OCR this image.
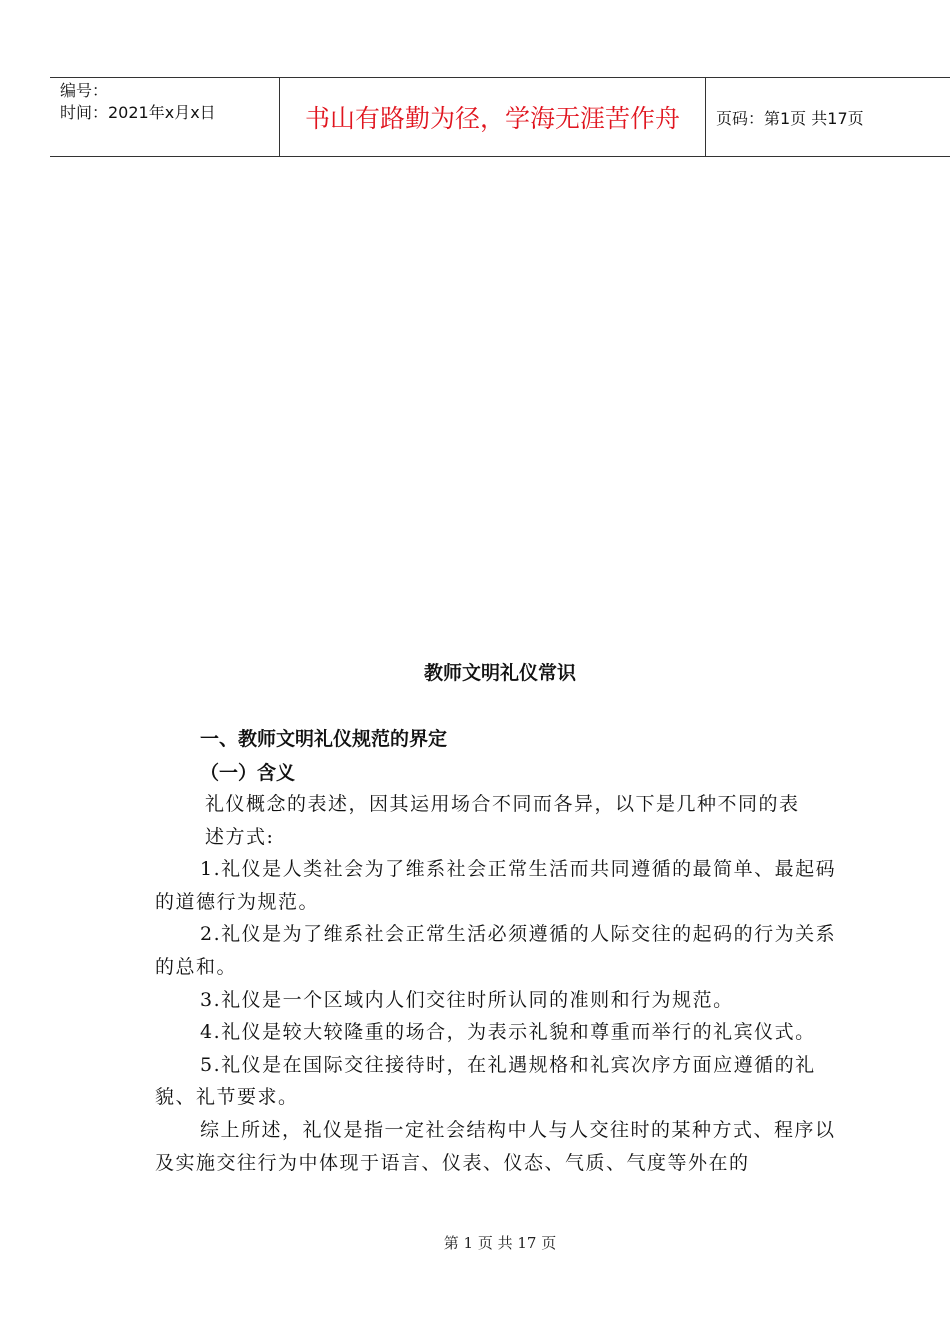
编号：
时间：2021年x月x日	书山有路勤为径，学海无涯苦作舟 页码：第1页 共17页
教师文明礼仪常识
一、教师文明礼仪规范的界定
（一）含义

礼仪概念的表述，因其运用场合不同而各异，以下是几种不同的表

述方式:

1.礼仪是人类社会为了维系社会正常生活而共同遵循的最简单、最起码的道德行为规范。

2.礼仪是为了维系社会正常生活必须遵循的人际交往的起码的行为关系的总和。

3.礼仪是一个区域内人们交往时所认同的准则和行为规范。

4.礼仪是较大较隆重的场合，为表示礼貌和尊重而举行的礼宾仪式。

5.礼仪是在国际交往接待时，在礼遇规格和礼宾次序方面应遵循的礼貌、礼节要求。

综上所述，礼仪是指一定社会结构中人与人交往时的某种方式、程序以及实施交往行为中体现于语言、仪表、仪态、气质、气度等外在的

第 1 页 共 17 页
